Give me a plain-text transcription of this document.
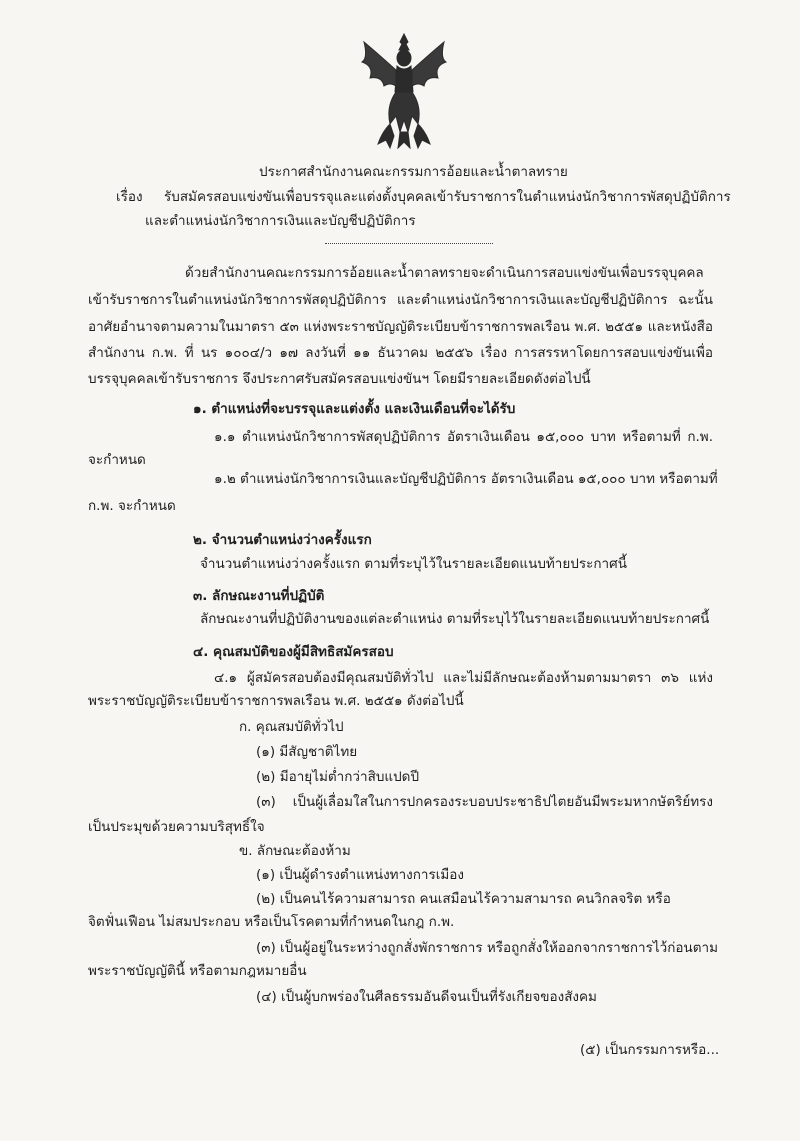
ประกาศสำนักงานคณะกรรมการอ้อยและน้ำตาลทราย
เรื่อง รับสมัครสอบแข่งขันเพื่อบรรจุและแต่งตั้งบุคคลเข้ารับราชการในตำแหน่งนักวิชาการพัสดุปฏิบัติการ
และตำแหน่งนักวิชาการเงินและบัญชีปฏิบัติการ
ด้วยสำนักงานคณะกรรมการอ้อยและน้ำตาลทรายจะดำเนินการสอบแข่งขันเพื่อบรรจุบุคคล
เข้ารับราชการในตำแหน่งนักวิชาการพัสดุปฏิบัติการ และตำแหน่งนักวิชาการเงินและบัญชีปฏิบัติการ ฉะนั้น
อาศัยอำนาจตามความในมาตรา ๕๓ แห่งพระราชบัญญัติระเบียบข้าราชการพลเรือน พ.ศ. ๒๕๕๑ และหนังสือ
สำนักงาน ก.พ. ที่ นร ๑๐๐๔/ว ๑๗ ลงวันที่ ๑๑ ธันวาคม ๒๕๕๖ เรื่อง การสรรหาโดยการสอบแข่งขันเพื่อ
บรรจุบุคคลเข้ารับราชการ จึงประกาศรับสมัครสอบแข่งขันฯ โดยมีรายละเอียดดังต่อไปนี้
๑. ตำแหน่งที่จะบรรจุและแต่งตั้ง และเงินเดือนที่จะได้รับ
๑.๑ ตำแหน่งนักวิชาการพัสดุปฏิบัติการ อัตราเงินเดือน ๑๕,๐๐๐ บาท หรือตามที่ ก.พ.
จะกำหนด
๑.๒ ตำแหน่งนักวิชาการเงินและบัญชีปฏิบัติการ อัตราเงินเดือน ๑๕,๐๐๐ บาท หรือตามที่
ก.พ. จะกำหนด
๒. จำนวนตำแหน่งว่างครั้งแรก
จำนวนตำแหน่งว่างครั้งแรก ตามที่ระบุไว้ในรายละเอียดแนบท้ายประกาศนี้
๓. ลักษณะงานที่ปฏิบัติ
ลักษณะงานที่ปฏิบัติงานของแต่ละตำแหน่ง ตามที่ระบุไว้ในรายละเอียดแนบท้ายประกาศนี้
๔. คุณสมบัติของผู้มีสิทธิสมัครสอบ
๔.๑ ผู้สมัครสอบต้องมีคุณสมบัติทั่วไป และไม่มีลักษณะต้องห้ามตามมาตรา ๓๖ แห่ง
พระราชบัญญัติระเบียบข้าราชการพลเรือน พ.ศ. ๒๕๕๑ ดังต่อไปนี้
ก. คุณสมบัติทั่วไป
(๑) มีสัญชาติไทย
(๒) มีอายุไม่ต่ำกว่าสิบแปดปี
(๓) เป็นผู้เลื่อมใสในการปกครองระบอบประชาธิปไตยอันมีพระมหากษัตริย์ทรง
เป็นประมุขด้วยความบริสุทธิ์ใจ
ข. ลักษณะต้องห้าม
(๑) เป็นผู้ดำรงตำแหน่งทางการเมือง
(๒) เป็นคนไร้ความสามารถ คนเสมือนไร้ความสามารถ คนวิกลจริต หรือ
จิตฟั่นเฟือน ไม่สมประกอบ หรือเป็นโรคตามที่กำหนดในกฎ ก.พ.
(๓) เป็นผู้อยู่ในระหว่างถูกสั่งพักราชการ หรือถูกสั่งให้ออกจากราชการไว้ก่อนตาม
พระราชบัญญัตินี้ หรือตามกฎหมายอื่น
(๔) เป็นผู้บกพร่องในศีลธรรมอันดีจนเป็นที่รังเกียจของสังคม
(๕) เป็นกรรมการหรือ...
